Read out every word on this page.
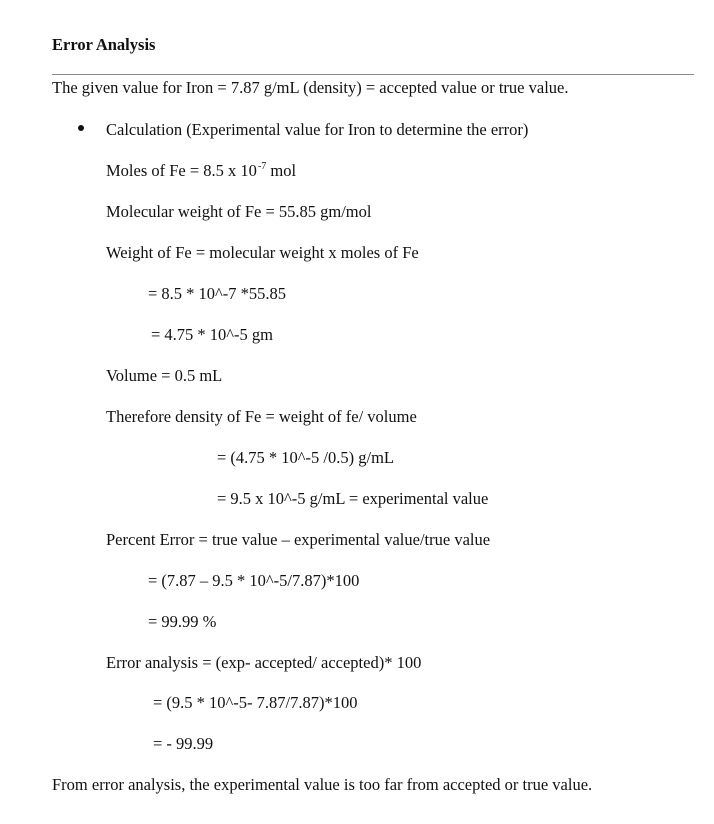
Error Analysis
The given value for Iron = 7.87 g/mL (density) = accepted value or true value.
Calculation (Experimental value for Iron to determine the error)
Moles of Fe = 8.5 x $10^{-7}$ mol
Molecular weight of Fe = 55.85 gm/mol
Weight of Fe = molecular weight x moles of Fe
= 8.5 * 10^-7 *55.85
= 4.75 * 10^-5 gm
Volume = 0.5 mL
Therefore density of Fe = weight of fe/ volume
= (4.75 * 10^-5 /0.5) g/mL
= 9.5 x 10^-5 g/mL = experimental value
Percent Error = true value – experimental value/true value
= (7.87 – 9.5 * 10^-5/7.87)*100
= 99.99 %
Error analysis = (exp- accepted/ accepted)* 100
= (9.5 * 10^-5- 7.87/7.87)*100
= - 99.99
From error analysis, the experimental value is too far from accepted or true value.
